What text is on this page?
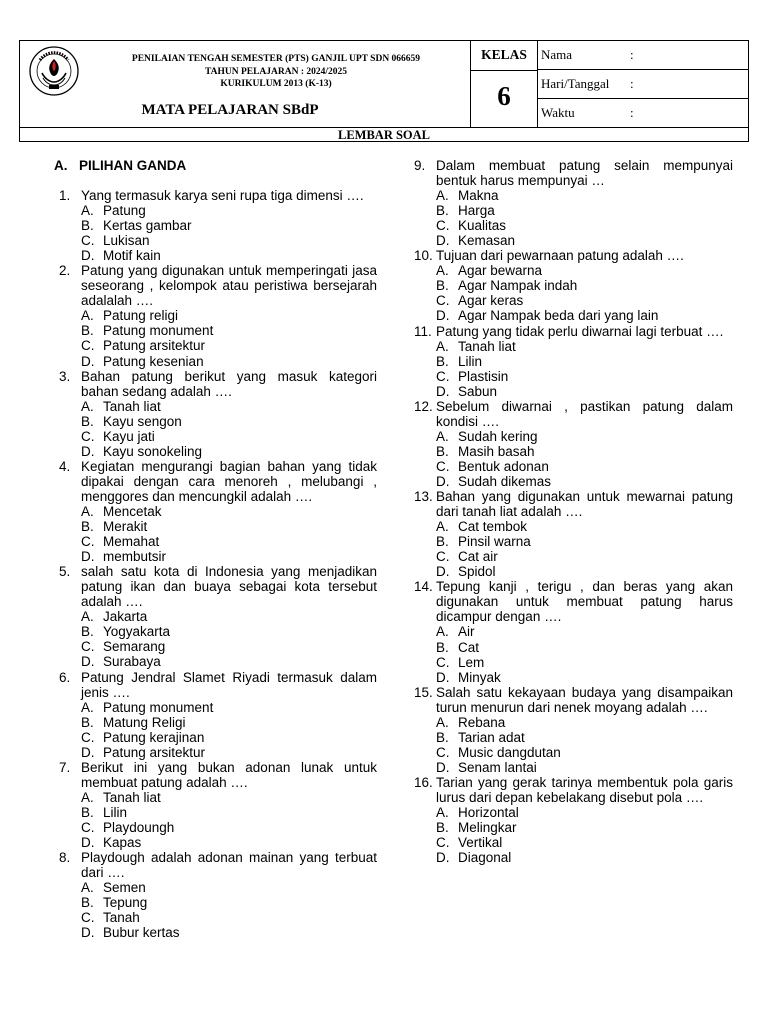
PENILAIAN TENGAH SEMESTER (PTS) GANJIL UPT SDN 066659
TAHUN PELAJARAN : 2024/2025
KURIKULUM 2013 (K-13)
MATA PELAJARAN SBdP
KELAS
6
Nama	:
Hari/Tanggal :
Waktu	:
LEMBAR SOAL
A. PILIHAN GANDA
1. Yang termasuk karya seni rupa tiga dimensi ….
A. Patung
B. Kertas gambar
C. Lukisan
D. Motif kain
2. Patung yang digunakan untuk memperingati jasa seseorang , kelompok atau peristiwa bersejarah adalalah ….
A. Patung religi
B. Patung monument
C. Patung arsitektur
D. Patung kesenian
3. Bahan patung berikut yang masuk kategori bahan sedang adalah ….
A. Tanah liat
B. Kayu sengon
C. Kayu jati
D. Kayu sonokeling
4. Kegiatan mengurangi bagian bahan yang tidak dipakai dengan cara menoreh , melubangi , menggores dan mencungkil adalah ….
A. Mencetak
B. Merakit
C. Memahat
D. membutsir
5. salah satu kota di Indonesia yang menjadikan patung ikan dan buaya sebagai kota tersebut adalah ….
A. Jakarta
B. Yogyakarta
C. Semarang
D. Surabaya
6. Patung Jendral Slamet Riyadi termasuk dalam jenis ….
A. Patung monument
B. Matung Religi
C. Patung kerajinan
D. Patung arsitektur
7. Berikut ini yang bukan adonan lunak untuk membuat patung adalah ….
A. Tanah liat
B. Lilin
C. Playdoungh
D. Kapas
8. Playdough adalah adonan mainan yang terbuat dari ….
A. Semen
B. Tepung
C. Tanah
D. Bubur kertas
9. Dalam membuat patung selain mempunyai bentuk harus mempunyai …
A. Makna
B. Harga
C. Kualitas
D. Kemasan
10. Tujuan dari pewarnaan patung adalah ….
A. Agar bewarna
B. Agar Nampak indah
C. Agar keras
D. Agar Nampak beda dari yang lain
11. Patung yang tidak perlu diwarnai lagi terbuat ….
A. Tanah liat
B. Lilin
C. Plastisin
D. Sabun
12. Sebelum diwarnai , pastikan patung dalam kondisi ….
A. Sudah kering
B. Masih basah
C. Bentuk adonan
D. Sudah dikemas
13. Bahan yang digunakan untuk mewarnai patung dari tanah liat adalah ….
A. Cat tembok
B. Pinsil warna
C. Cat air
D. Spidol
14. Tepung kanji , terigu , dan beras yang akan digunakan untuk membuat patung harus dicampur dengan ….
A. Air
B. Cat
C. Lem
D. Minyak
15. Salah satu kekayaan budaya yang disampaikan turun menurun dari nenek moyang adalah ….
A. Rebana
B. Tarian adat
C. Music dangdutan
D. Senam lantai
16. Tarian yang gerak tarinya membentuk pola garis lurus dari depan kebelakang disebut pola ….
A. Horizontal
B. Melingkar
C. Vertikal
D. Diagonal
